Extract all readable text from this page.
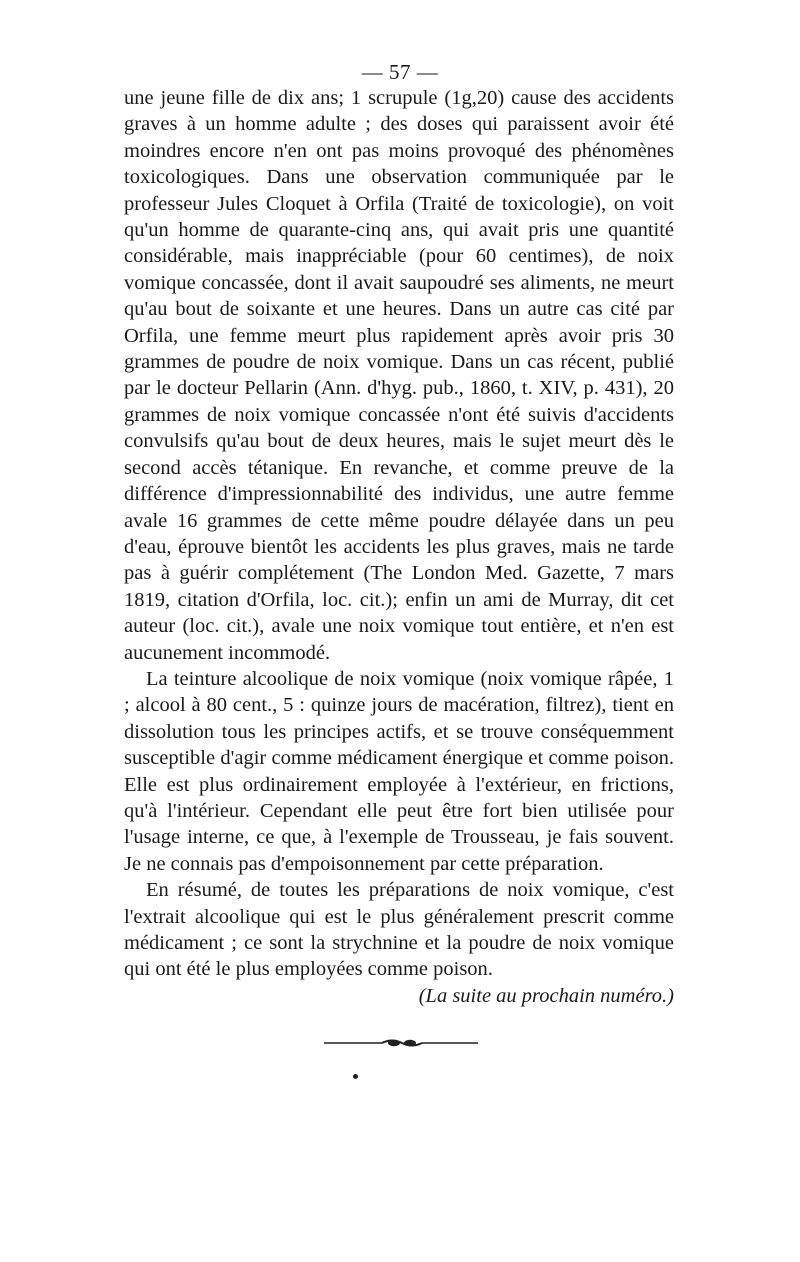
— 57 —

une jeune fille de dix ans; 1 scrupule (1g,20) cause des accidents graves à un homme adulte ; des doses qui paraissent avoir été moindres encore n'en ont pas moins provoqué des phénomènes toxicologiques. Dans une observation communiquée par le professeur Jules Cloquet à Orfila (Traité de toxicologie), on voit qu'un homme de quarante-cinq ans, qui avait pris une quantité considérable, mais inappréciable (pour 60 centimes), de noix vomique concassée, dont il avait saupoudré ses aliments, ne meurt qu'au bout de soixante et une heures. Dans un autre cas cité par Orfila, une femme meurt plus rapidement après avoir pris 30 grammes de poudre de noix vomique. Dans un cas récent, publié par le docteur Pellarin (Ann. d'hyg. pub., 1860, t. XIV, p. 431), 20 grammes de noix vomique concassée n'ont été suivis d'accidents convulsifs qu'au bout de deux heures, mais le sujet meurt dès le second accès tétanique. En revanche, et comme preuve de la différence d'impressionnabilité des individus, une autre femme avale 16 grammes de cette même poudre délayée dans un peu d'eau, éprouve bientôt les accidents les plus graves, mais ne tarde pas à guérir complétement (The London Med. Gazette, 7 mars 1819, citation d'Orfila, loc. cit.); enfin un ami de Murray, dit cet auteur (loc. cit.), avale une noix vomique tout entière, et n'en est aucunement incommodé.

La teinture alcoolique de noix vomique (noix vomique râpée, 1 ; alcool à 80 cent., 5 : quinze jours de macération, filtrez), tient en dissolution tous les principes actifs, et se trouve conséquemment susceptible d'agir comme médicament énergique et comme poison. Elle est plus ordinairement employée à l'extérieur, en frictions, qu'à l'intérieur. Cependant elle peut être fort bien utilisée pour l'usage interne, ce que, à l'exemple de Trousseau, je fais souvent. Je ne connais pas d'empoisonnement par cette préparation.

En résumé, de toutes les préparations de noix vomique, c'est l'extrait alcoolique qui est le plus généralement prescrit comme médicament ; ce sont la strychnine et la poudre de noix vomique qui ont été le plus employées comme poison.

(La suite au prochain numéro.)
